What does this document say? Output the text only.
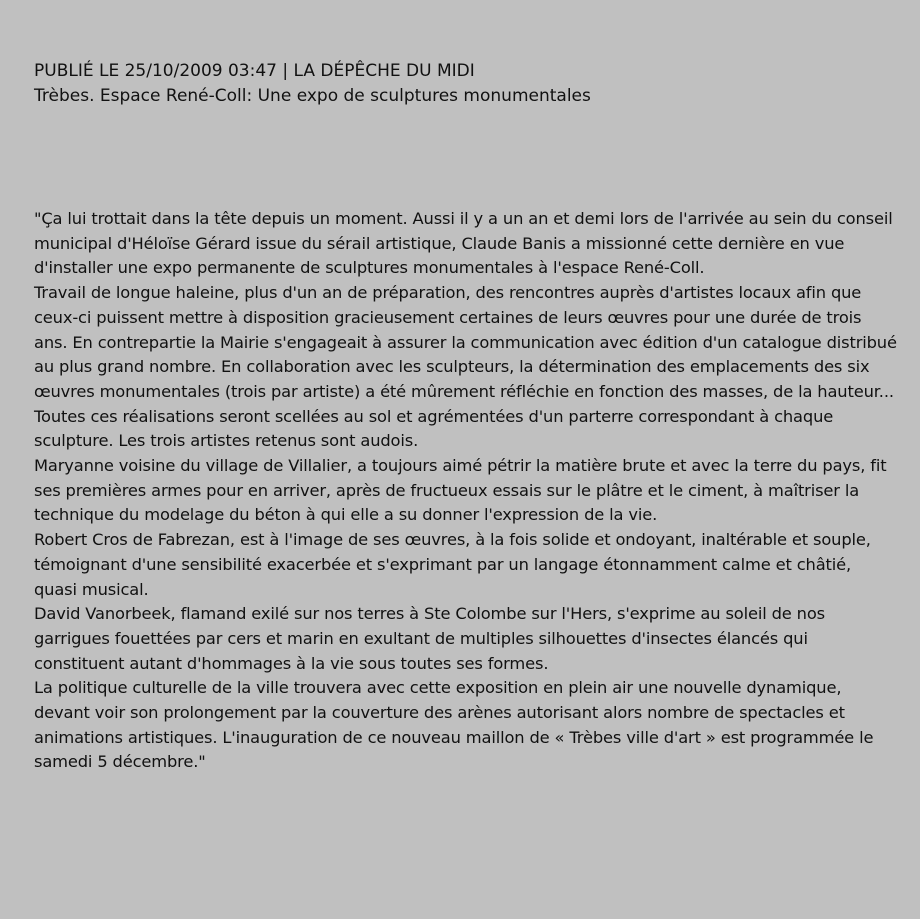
PUBLIÉ LE 25/10/2009 03:47 | LA DÉPÊCHE DU MIDI
Trèbes. Espace René-Coll: Une expo de sculptures monumentales

"Ça lui trottait dans la tête depuis un moment. Aussi il y a un an et demi lors de l'arrivée au sein du conseil municipal d'Héloïse Gérard issue du sérail artistique, Claude Banis a missionné cette dernière en vue d'installer une expo permanente de sculptures monumentales à l'espace René-Coll.

Travail de longue haleine, plus d'un an de préparation, des rencontres auprès d'artistes locaux afin que ceux-ci puissent mettre à disposition gracieusement certaines de leurs œuvres pour une durée de trois ans. En contrepartie la Mairie s'engageait à assurer la communication avec édition d'un catalogue distribué au plus grand nombre. En collaboration avec les sculpteurs, la détermination des emplacements des six œuvres monumentales (trois par artiste) a été mûrement réfléchie en fonction des masses, de la hauteur...

Toutes ces réalisations seront scellées au sol et agrémentées d'un parterre correspondant à chaque sculpture. Les trois artistes retenus sont audois.

Maryanne voisine du village de Villalier, a toujours aimé pétrir la matière brute et avec la terre du pays, fit ses premières armes pour en arriver, après de fructueux essais sur le plâtre et le ciment, à maîtriser la technique du modelage du béton à qui elle a su donner l'expression de la vie.

Robert Cros de Fabrezan, est à l'image de ses œuvres, à la fois solide et ondoyant, inaltérable et souple, témoignant d'une sensibilité exacerbée et s'exprimant par un langage étonnamment calme et châtié, quasi musical.

David Vanorbeek, flamand exilé sur nos terres à Ste Colombe sur l'Hers, s'exprime au soleil de nos garrigues fouettées par cers et marin en exultant de multiples silhouettes d'insectes élancés qui constituent autant d'hommages à la vie sous toutes ses formes.

La politique culturelle de la ville trouvera avec cette exposition en plein air une nouvelle dynamique, devant voir son prolongement par la couverture des arènes autorisant alors nombre de spectacles et animations artistiques. L'inauguration de ce nouveau maillon de « Trèbes ville d'art » est programmée le samedi 5 décembre."
